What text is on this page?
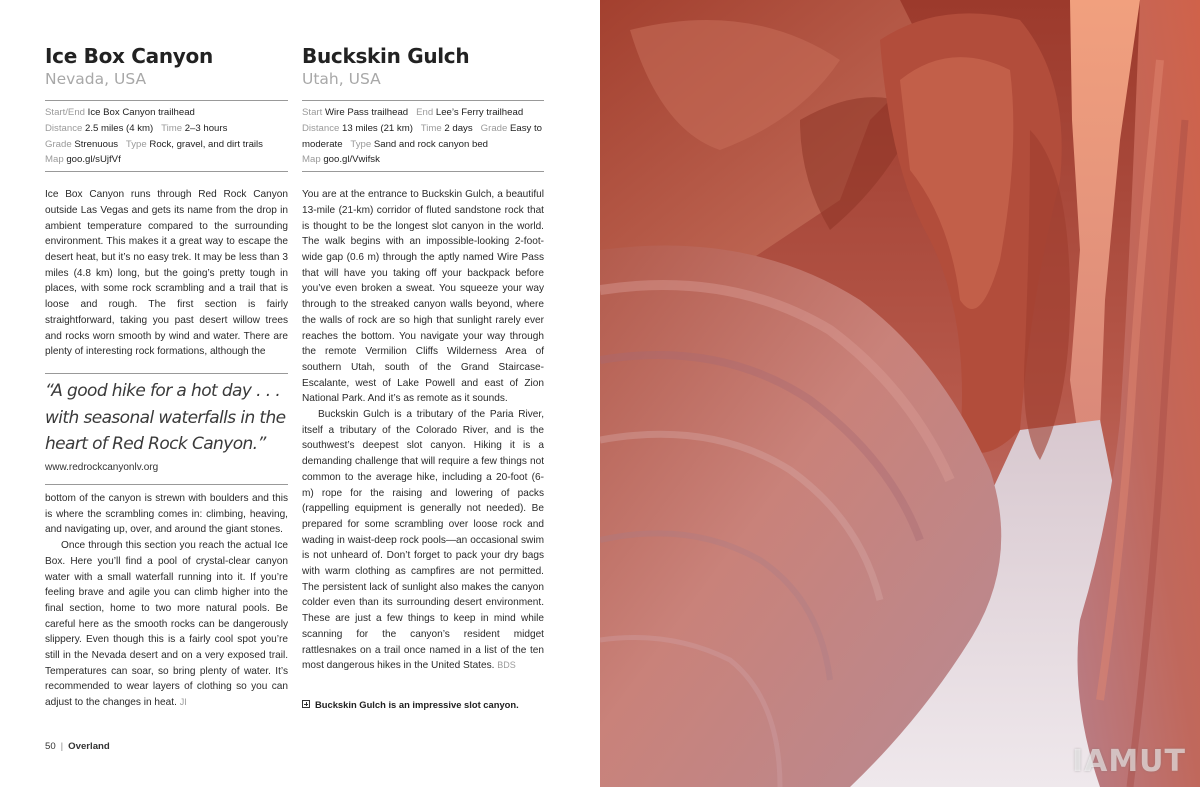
Ice Box Canyon
Nevada, USA
Start/End Ice Box Canyon trailhead
Distance 2.5 miles (4 km) Time 2–3 hours
Grade Strenuous Type Rock, gravel, and dirt trails   Map goo.gl/sUjfVf

Ice Box Canyon runs through Red Rock Canyon outside Las Vegas and gets its name from the drop in ambient temperature compared to the surrounding environment. This makes it a great way to escape the desert heat, but it’s no easy trek. It may be less than 3 miles (4.8 km) long, but the going’s pretty tough in places, with some rock scrambling and a trail that is loose and rough. The first section is fairly straightforward, taking you past desert willow trees and rocks worn smooth by wind and water. There are plenty of interesting rock formations, although the

“A good hike for a hot day . . . with seasonal waterfalls in the heart of Red Rock Canyon.”
www.redrockcanyonlv.org

bottom of the canyon is strewn with boulders and this is where the scrambling comes in: climbing, heaving, and navigating up, over, and around the giant stones.

Once through this section you reach the actual Ice Box. Here you’ll find a pool of crystal-clear canyon water with a small waterfall running into it. If you’re feeling brave and agile you can climb higher into the final section, home to two more natural pools. Be careful here as the smooth rocks can be dangerously slippery. Even though this is a fairly cool spot you’re still in the Nevada desert and on a very exposed trail. Temperatures can soar, so bring plenty of water. It’s recommended to wear layers of clothing so you can adjust to the changes in heat. JI

Buckskin Gulch
Utah, USA
Start Wire Pass trailhead End Lee’s Ferry trailhead
Distance 13 miles (21 km) Time 2 days Grade Easy to moderate Type Sand and rock canyon bed
Map goo.gl/Vwifsk

You are at the entrance to Buckskin Gulch, a beautiful 13-mile (21-km) corridor of fluted sandstone rock that is thought to be the longest slot canyon in the world. The walk begins with an impossible-looking 2-foot-wide gap (0.6 m) through the aptly named Wire Pass that will have you taking off your backpack before you’ve even broken a sweat. You squeeze your way through to the streaked canyon walls beyond, where the walls of rock are so high that sunlight rarely ever reaches the bottom. You navigate your way through the remote Vermilion Cliffs Wilderness Area of southern Utah, south of the Grand Staircase-Escalante, west of Lake Powell and east of Zion National Park. And it’s as remote as it sounds.

Buckskin Gulch is a tributary of the Paria River, itself a tributary of the Colorado River, and is the southwest’s deepest slot canyon. Hiking it is a demanding challenge that will require a few things not common to the average hike, including a 20-foot (6-m) rope for the raising and lowering of packs (rappelling equipment is generally not needed). Be prepared for some scrambling over loose rock and wading in waist-deep rock pools—an occasional swim is not unheard of. Don’t forget to pack your dry bags with warm clothing as campfires are not permitted. The persistent lack of sunlight also makes the canyon colder even than its surrounding desert environment. These are just a few things to keep in mind while scanning for the canyon’s resident midget rattlesnakes on a trail once named in a list of the ten most dangerous hikes in the United States. BDS

Buckskin Gulch is an impressive slot canyon.
50 | Overland	IAMUT
